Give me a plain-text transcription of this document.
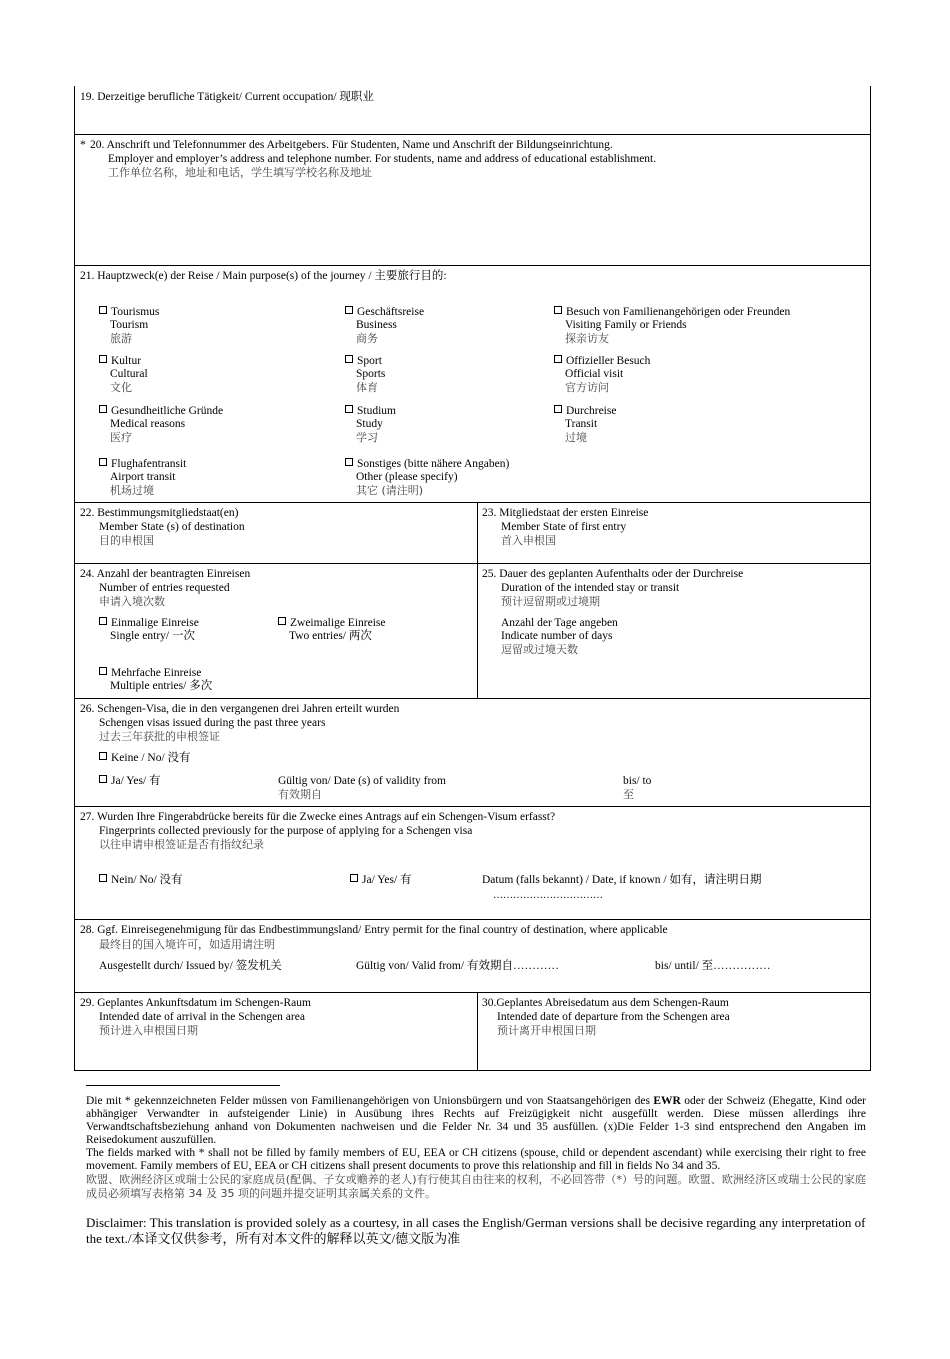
19. Derzeitige berufliche Tätigkeit/ Current occupation/ 现职业
* 20. Anschrift und Telefonnummer des Arbeitgebers. Für Studenten, Name und Anschrift der Bildungseinrichtung.
Employer and employer’s address and telephone number. For students, name and address of educational establishment.
工作单位名称，地址和电话，学生填写学校名称及地址
21. Hauptzweck(e) der Reise / Main purpose(s) of the journey / 主要旅行目的:
Tourismus
Tourism
旅游
Geschäftsreise
Business
商务
Besuch von Familienangehörigen oder Freunden
Visiting Family or Friends
探亲访友
Kultur
Cultural
文化
Sport
Sports
体育
Offizieller Besuch
Official visit
官方访问
Gesundheitliche Gründe
Medical reasons
医疗
Studium
Study
学习
Durchreise
Transit
过境
Flughafentransit
Airport transit
机场过境
Sonstiges (bitte nähere Angaben)
Other (please specify)
其它 (请注明)
22. Bestimmungsmitgliedstaat(en)
Member State (s) of destination
目的申根国
23. Mitgliedstaat der ersten Einreise
Member State of first entry
首入申根国
24. Anzahl der beantragten Einreisen
Number of entries requested
申请入境次数
Einmalige Einreise
Single entry/ 一次
Zweimalige Einreise
Two entries/ 两次
Mehrfache Einreise
Multiple entries/ 多次
25. Dauer des geplanten Aufenthalts oder der Durchreise
Duration of the intended stay or transit
预计逗留期或过境期
Anzahl der Tage angeben
Indicate number of days
逗留或过境天数
26. Schengen-Visa, die in den vergangenen drei Jahren erteilt wurden
Schengen visas issued during the past three years
过去三年获批的申根签证
Keine / No/ 没有
Ja/ Yes/ 有	Gültig von/ Date (s) of validity from
有效期自
bis/ to
至
27. Wurden Ihre Fingerabdrücke bereits für die Zwecke eines Antrags auf ein Schengen-Visum erfasst?
Fingerprints collected previously for the purpose of applying for a Schengen visa
以往申请申根签证是否有指纹纪录
Nein/ No/ 没有	Ja/ Yes/ 有	Datum (falls bekannt) / Date, if known / 如有，请注明日期
……………………………
28. Ggf. Einreisegenehmigung für das Endbestimmungsland/ Entry permit for the final country of destination, where applicable
最终目的国入境许可，如适用请注明
Ausgestellt durch/ Issued by/ 签发机关	Gültig von/ Valid from/ 有效期自…………	bis/ until/ 至……………
29. Geplantes Ankunftsdatum im Schengen-Raum
Intended date of arrival in the Schengen area
预计进入申根国日期
30.Geplantes Abreisedatum aus dem Schengen-Raum
Intended date of departure from the Schengen area
预计离开申根国日期

Die mit * gekennzeichneten Felder müssen von Familienangehörigen von Unionsbürgern und von Staatsangehörigen des EWR oder der Schweiz (Ehegatte, Kind oder abhängiger Verwandter in aufsteigender Linie) in Ausübung ihres Rechts auf Freizügigkeit nicht ausgefüllt werden. Diese müssen allerdings ihre Verwandtschaftsbeziehung anhand von Dokumenten nachweisen und die Felder Nr. 34 und 35 ausfüllen. (x)Die Felder 1-3 sind entsprechend den Angaben im Reisedokument auszufüllen.

The fields marked with * shall not be filled by family members of EU, EEA or CH citizens (spouse, child or dependent ascendant) while exercising their right to free movement. Family members of EU, EEA or CH citizens shall present documents to prove this relationship and fill in fields No 34 and 35.

欧盟、欧洲经济区或瑞士公民的家庭成员(配偶、子女或赡养的老人)有行使其自由往来的权利，不必回答带（*）号的问题。欧盟、欧洲经济区或瑞士公民的家庭成员必须填写表格第 34 及 35 项的问题并提交证明其亲属关系的文件。

Disclaimer: This translation is provided solely as a courtesy, in all cases the English/German versions shall be decisive regarding any interpretation of the text./本译文仅供参考，所有对本文件的解释以英文/德文版为准
